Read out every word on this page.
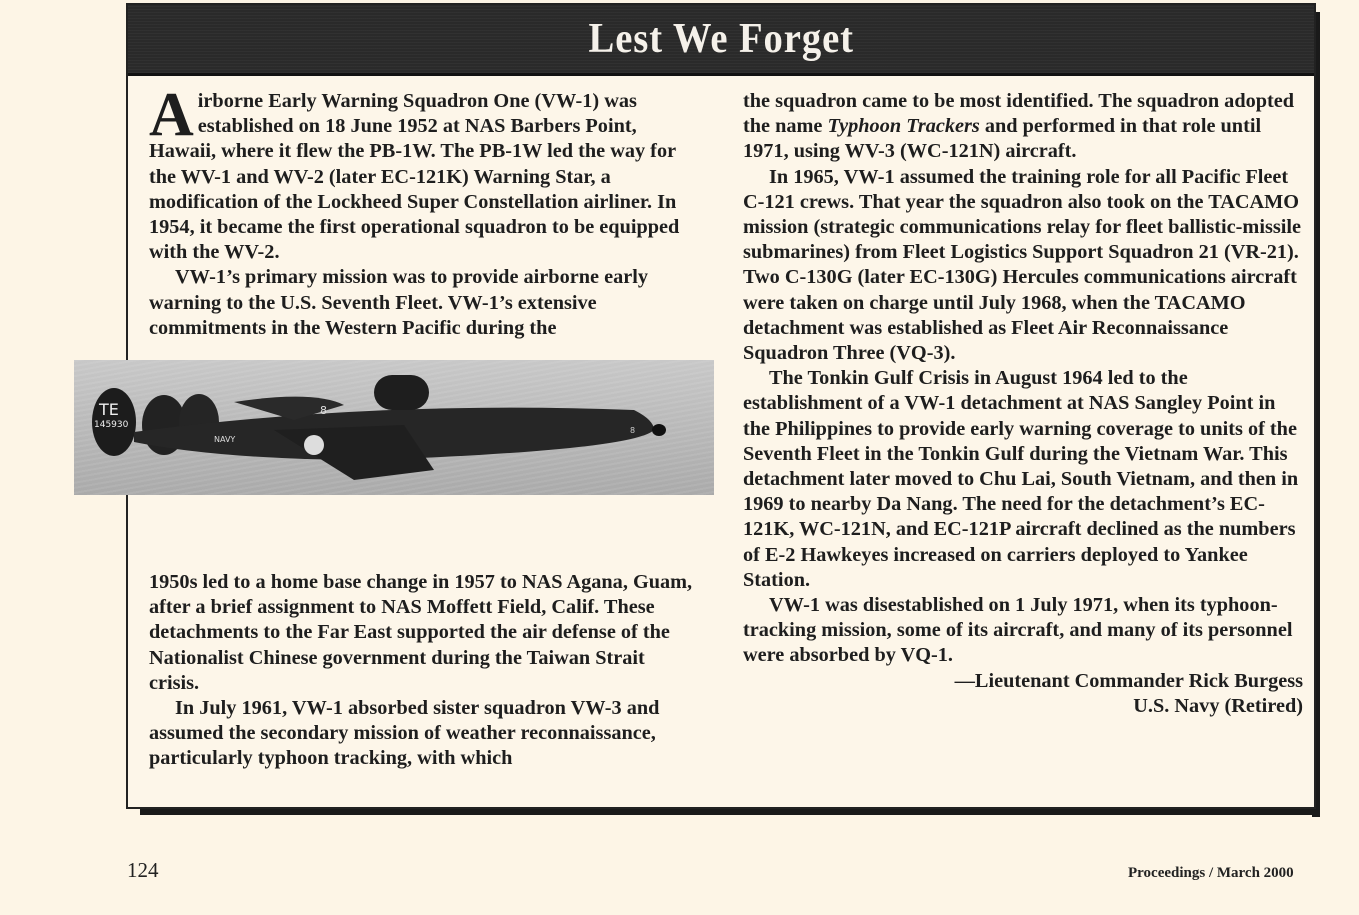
Lest We Forget

Airborne Early Warning Squadron One (VW-1) was established on 18 June 1952 at NAS Barbers Point, Hawaii, where it flew the PB-1W. The PB-1W led the way for the WV-1 and WV-2 (later EC-121K) Warning Star, a modification of the Lockheed Super Constellation airliner. In 1954, it became the first operational squadron to be equipped with the WV-2.

VW-1’s primary mission was to provide airborne early warning to the U.S. Seventh Fleet. VW-1’s extensive commitments in the Western Pacific during the

TE
145930
NAVY
8
8

1950s led to a home base change in 1957 to NAS Agana, Guam, after a brief assignment to NAS Moffett Field, Calif. These detachments to the Far East supported the air defense of the Nationalist Chinese government during the Taiwan Strait crisis.

In July 1961, VW-1 absorbed sister squadron VW-3 and assumed the secondary mission of weather reconnaissance, particularly typhoon tracking, with which

the squadron came to be most identified. The squadron adopted the name Typhoon Trackers and performed in that role until 1971, using WV-3 (WC-121N) aircraft.

In 1965, VW-1 assumed the training role for all Pacific Fleet C-121 crews. That year the squadron also took on the TACAMO mission (strategic communications relay for fleet ballistic-missile submarines) from Fleet Logistics Support Squadron 21 (VR-21). Two C-130G (later EC-130G) Hercules communications aircraft were taken on charge until July 1968, when the TACAMO detachment was established as Fleet Air Reconnaissance Squadron Three (VQ-3).

The Tonkin Gulf Crisis in August 1964 led to the establishment of a VW-1 detachment at NAS Sangley Point in the Philippines to provide early warning coverage to units of the Seventh Fleet in the Tonkin Gulf during the Vietnam War. This detachment later moved to Chu Lai, South Vietnam, and then in 1969 to nearby Da Nang. The need for the detachment’s EC-121K, WC-121N, and EC-121P aircraft declined as the numbers of E-2 Hawkeyes increased on carriers deployed to Yankee Station.

VW-1 was disestablished on 1 July 1971, when its typhoon-tracking mission, some of its aircraft, and many of its personnel were absorbed by VQ-1.

—Lieutenant Commander Rick Burgess

U.S. Navy (Retired)

124	Proceedings / March 2000
